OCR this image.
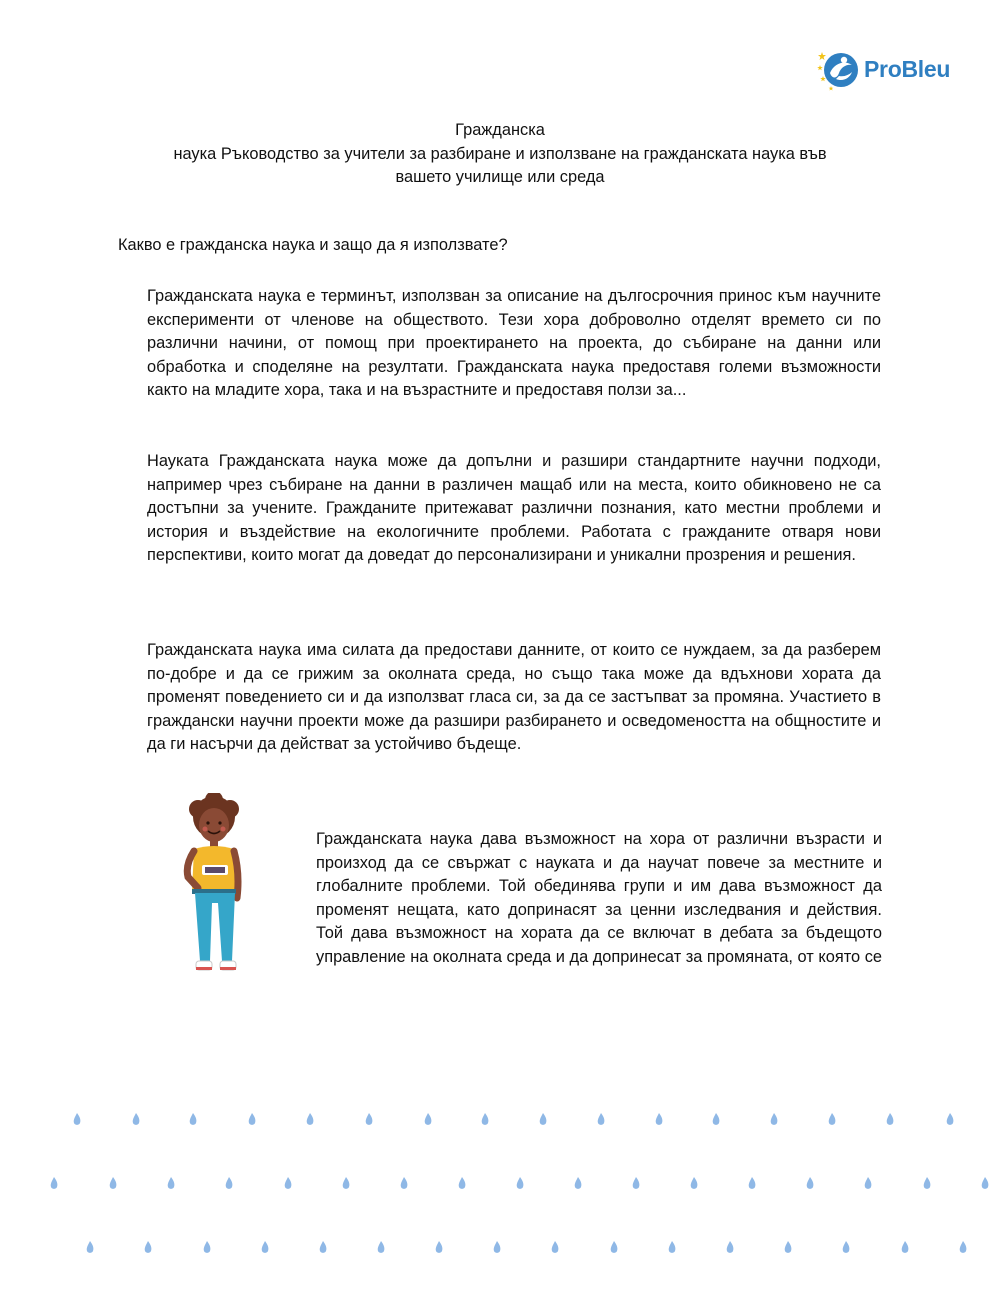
ProBleu
Гражданска
наука Ръководство за учители за разбиране и използване на гражданската наука във
вашето училище или среда
Какво е гражданска наука и защо да я използвате?

Гражданската наука е терминът, използван за описание на дългосрочния принос към научните експерименти от членове на обществото. Тези хора доброволно отделят времето си по различни начини, от помощ при проектирането на проекта, до събиране на данни или обработка и споделяне на резултати. Гражданската наука предоставя големи възможности както на младите хора, така и на възрастните и предоставя ползи за...

Науката Гражданската наука може да допълни и разшири стандартните научни подходи, например чрез събиране на данни в различен мащаб или на места, които обикновено не са достъпни за учените. Гражданите притежават различни познания, като местни проблеми и история и въздействие на екологичните проблеми. Работата с гражданите отваря нови перспективи, които могат да доведат до персонализирани и уникални прозрения и решения.

Гражданската наука има силата да предостави данните, от които се нуждаем, за да разберем по-добре и да се грижим за околната среда, но също така може да вдъхнови хората да променят поведението си и да използват гласа си, за да се застъпват за промяна. Участието в граждански научни проекти може да разшири разбирането и осведомеността на общностите и да ги насърчи да действат за устойчиво бъдеще.

Гражданската наука дава възможност на хора от различни възрасти и произход да се свържат с науката и да научат повече за местните и глобалните проблеми. Той обединява групи и им дава възможност да променят нещата, като допринасят за ценни изследвания и действия. Той дава възможност на хората да се включат в дебата за бъдещото управление на околната среда и да допринесат за промяната, от която се
